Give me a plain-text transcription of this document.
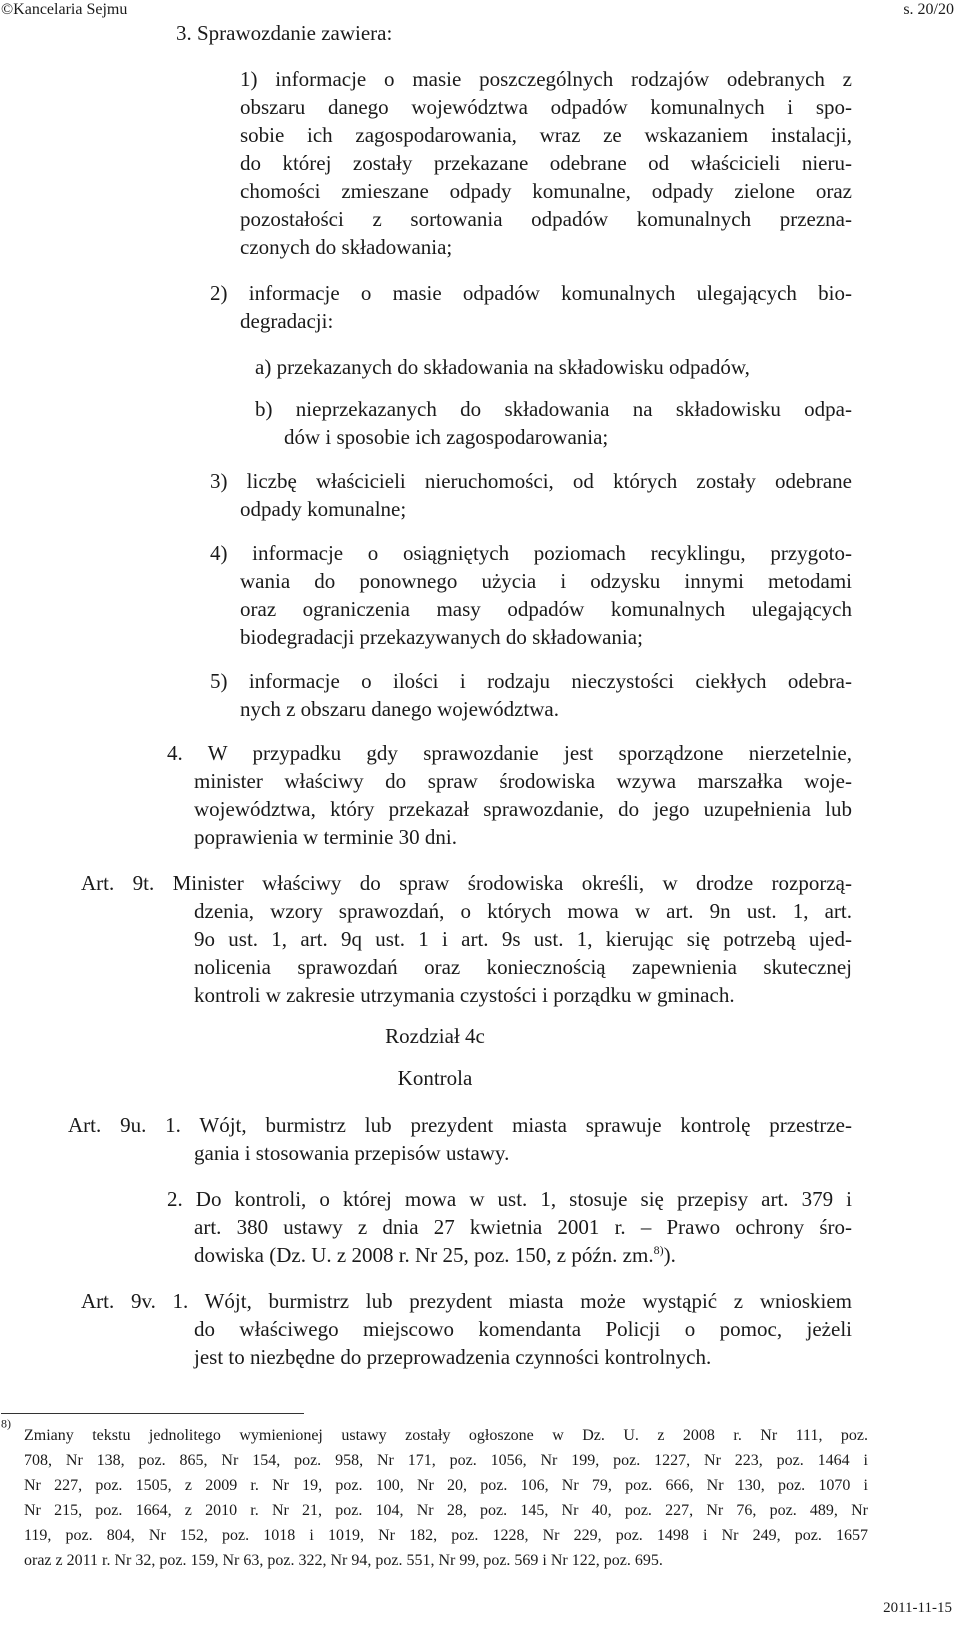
©Kancelaria Sejmu	s. 20/20
3. Sprawozdanie zawiera:
1) informacje o masie poszczególnych rodzajów odebranych z
obszaru danego województwa odpadów komunalnych i spo-
sobie ich zagospodarowania, wraz ze wskazaniem instalacji,
do której zostały przekazane odebrane od właścicieli nieru-
chomości zmieszane odpady komunalne, odpady zielone oraz
pozostałości z sortowania odpadów komunalnych przezna-
czonych do składowania;
2) informacje o masie odpadów komunalnych ulegających bio-
degradacji:
a) przekazanych do składowania na składowisku odpadów,
b) nieprzekazanych do składowania na składowisku odpa-
dów i sposobie ich zagospodarowania;
3) liczbę właścicieli nieruchomości, od których zostały odebrane
odpady komunalne;
4) informacje o osiągniętych poziomach recyklingu, przygoto-
wania do ponownego użycia i odzysku innymi metodami
oraz ograniczenia masy odpadów komunalnych ulegających
biodegradacji przekazywanych do składowania;
5) informacje o ilości i rodzaju nieczystości ciekłych odebra-
nych z obszaru danego województwa.
4. W przypadku gdy sprawozdanie jest sporządzone nierzetelnie,
minister właściwy do spraw środowiska wzywa marszałka woje-
województwa, który przekazał sprawozdanie, do jego uzupełnienia lub
poprawienia w terminie 30 dni.
Art. 9t. Minister właściwy do spraw środowiska określi, w drodze rozporzą-
dzenia, wzory sprawozdań, o których mowa w art. 9n ust. 1, art.
9o ust. 1, art. 9q ust. 1 i art. 9s ust. 1, kierując się potrzebą ujed-
nolicenia sprawozdań oraz koniecznością zapewnienia skutecznej
kontroli w zakresie utrzymania czystości i porządku w gminach.
Rozdział 4c
Kontrola
Art. 9u. 1. Wójt, burmistrz lub prezydent miasta sprawuje kontrolę przestrze-
gania i stosowania przepisów ustawy.
2. Do kontroli, o której mowa w ust. 1, stosuje się przepisy art. 379 i
art. 380 ustawy z dnia 27 kwietnia 2001 r. – Prawo ochrony śro-
dowiska (Dz. U. z 2008 r. Nr 25, poz. 150, z późn. zm.$^{8)}$).
Art. 9v. 1. Wójt, burmistrz lub prezydent miasta może wystąpić z wnioskiem
do właściwego miejscowo komendanta Policji o pomoc, jeżeli
jest to niezbędne do przeprowadzenia czynności kontrolnych.
$^{8)}$
Zmiany tekstu jednolitego wymienionej ustawy zostały ogłoszone w Dz. U. z 2008 r. Nr 111, poz.
708, Nr 138, poz. 865, Nr 154, poz. 958, Nr 171, poz. 1056, Nr 199, poz. 1227, Nr 223, poz. 1464 i
Nr 227, poz. 1505, z 2009 r. Nr 19, poz. 100, Nr 20, poz. 106, Nr 79, poz. 666, Nr 130, poz. 1070 i
Nr 215, poz. 1664, z 2010 r. Nr 21, poz. 104, Nr 28, poz. 145, Nr 40, poz. 227, Nr 76, poz. 489, Nr
119, poz. 804, Nr 152, poz. 1018 i 1019, Nr 182, poz. 1228, Nr 229, poz. 1498 i Nr 249, poz. 1657
oraz z 2011 r. Nr 32, poz. 159, Nr 63, poz. 322, Nr 94, poz. 551, Nr 99, poz. 569 i Nr 122, poz. 695.
2011-11-15
